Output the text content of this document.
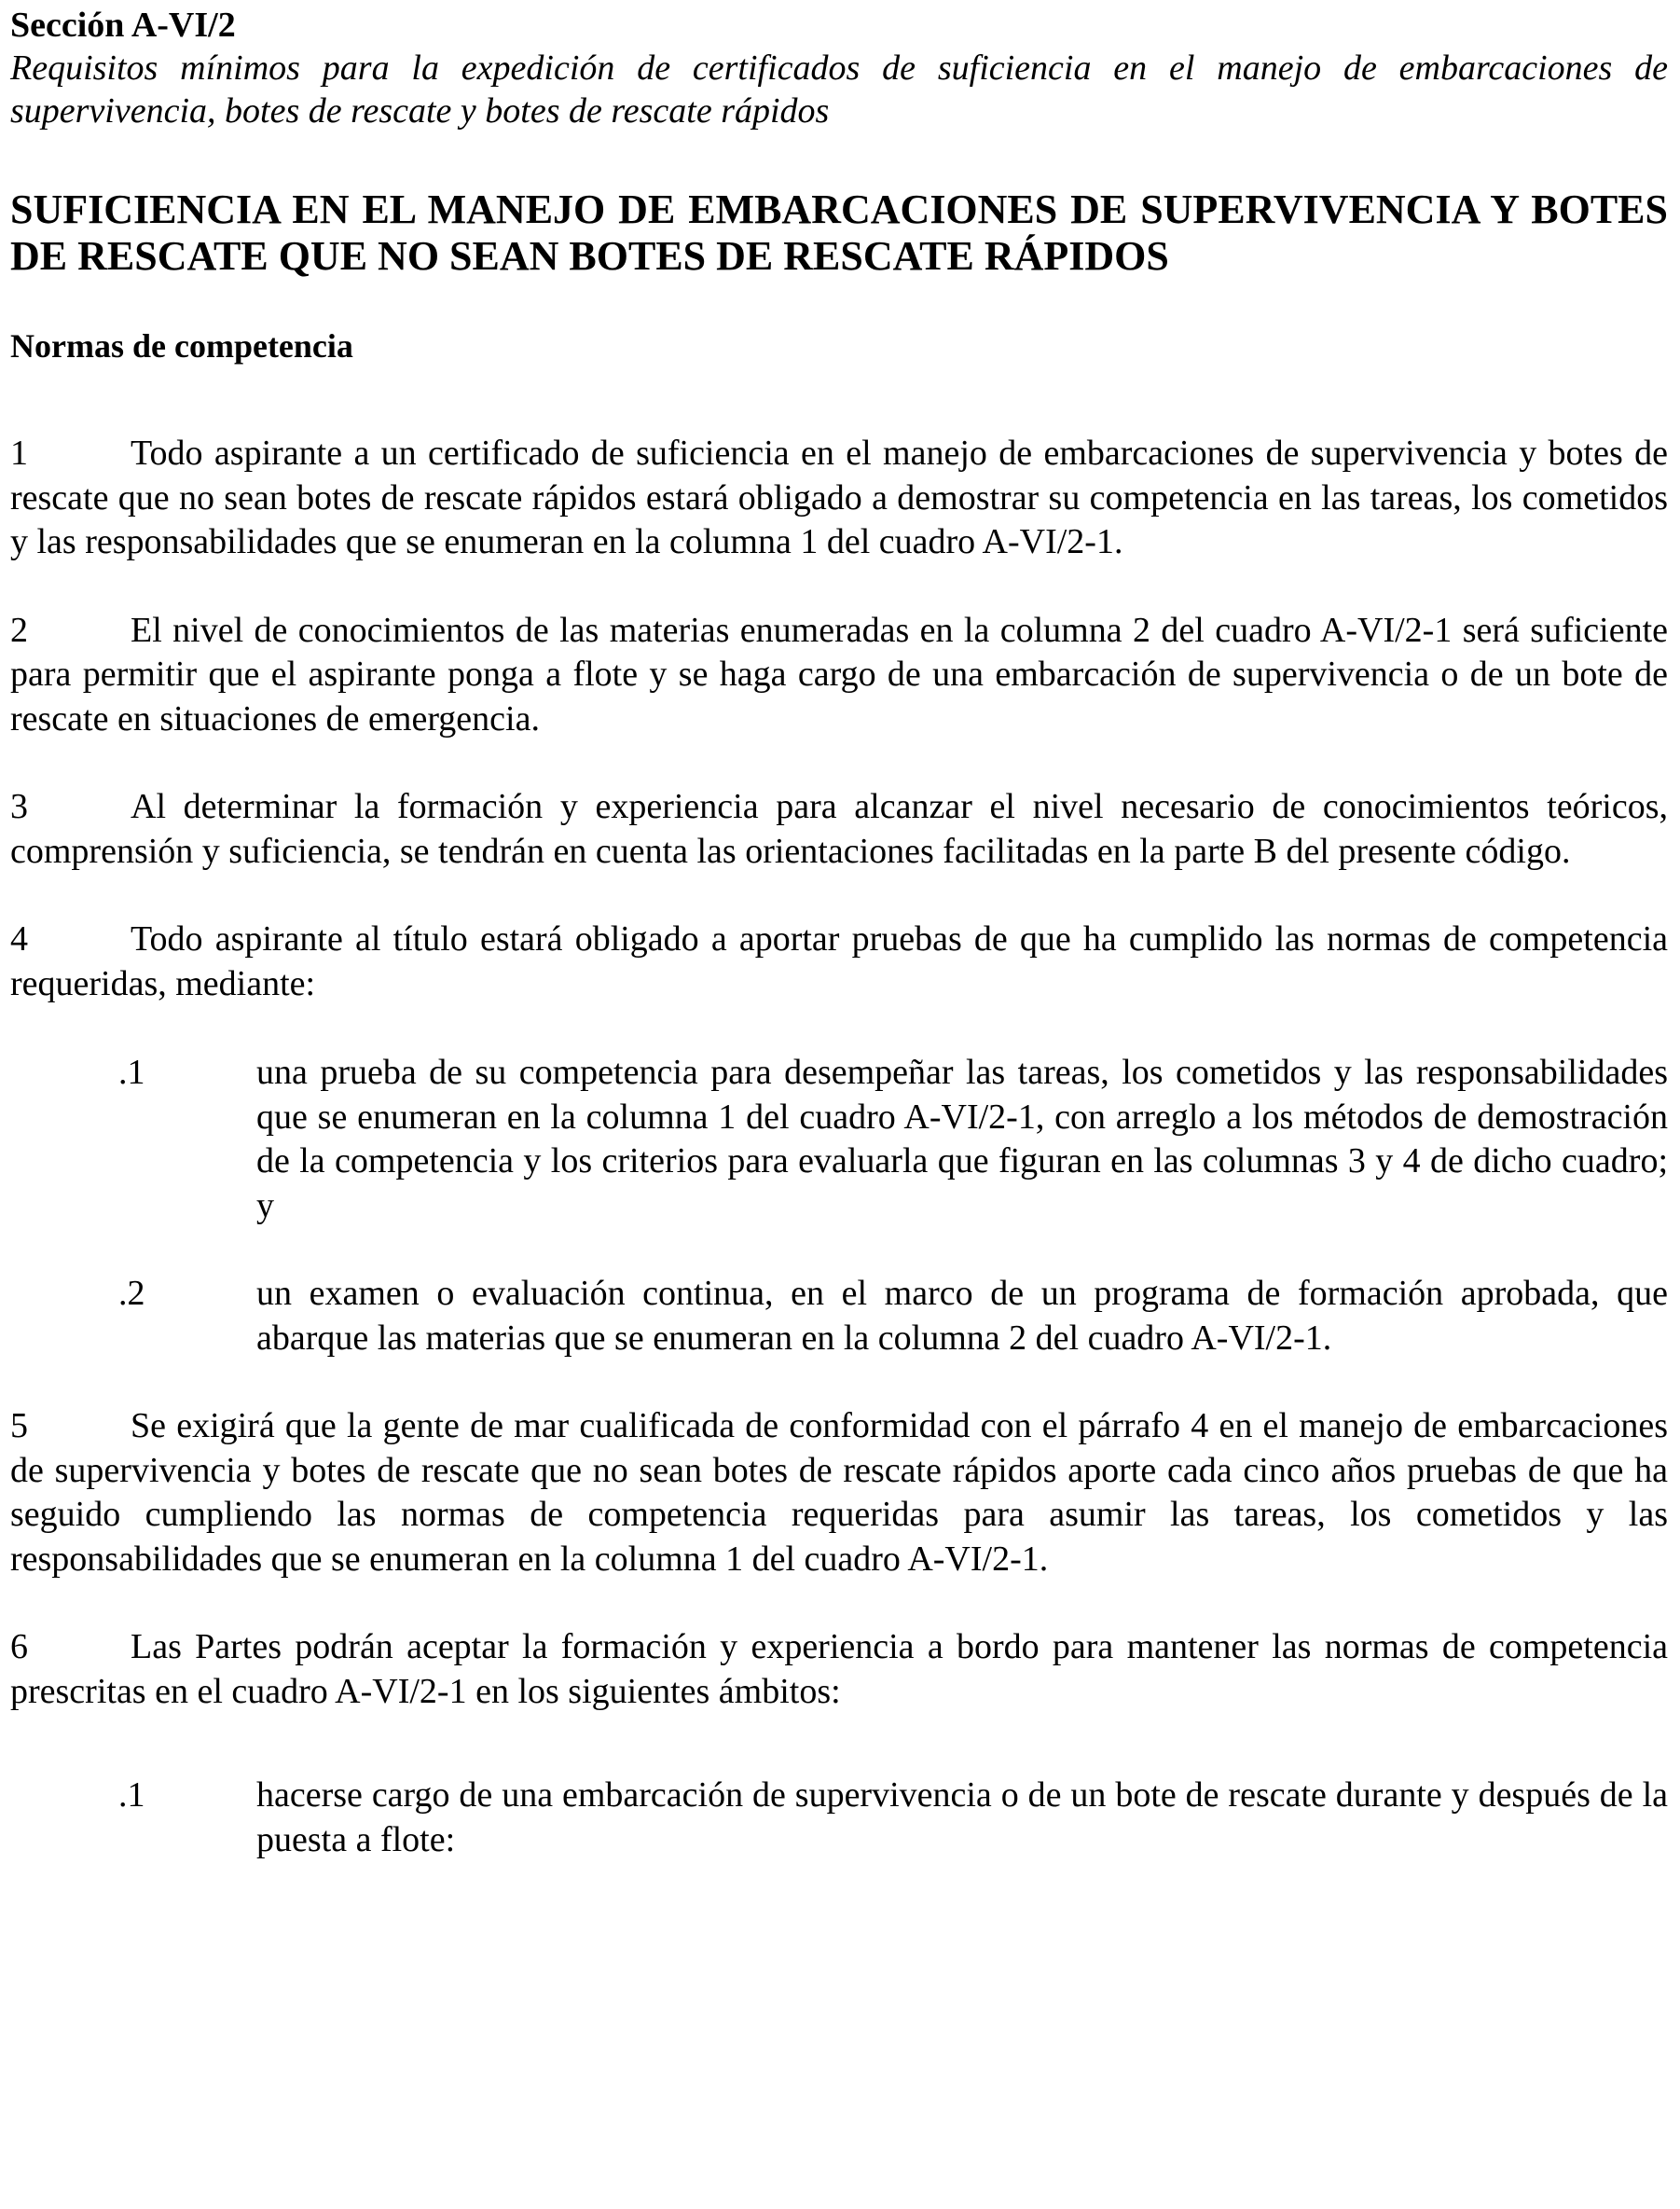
Sección A-VI/2

Requisitos mínimos para la expedición de certificados de suficiencia en el manejo de embarcaciones de supervivencia, botes de rescate y botes de rescate rápidos

SUFICIENCIA EN EL MANEJO DE EMBARCACIONES DE SUPERVIVENCIA Y BOTES DE RESCATE QUE NO SEAN BOTES DE RESCATE RÁPIDOS
Normas de competencia

1	Todo aspirante a un certificado de suficiencia en el manejo de embarcaciones de supervivencia y botes de rescate que no sean botes de rescate rápidos estará obligado a demostrar su competencia en las tareas, los cometidos y las responsabilidades que se enumeran en la columna 1 del cuadro A-VI/2-1.

2	El nivel de conocimientos de las materias enumeradas en la columna 2 del cuadro A-VI/2-1 será suficiente para permitir que el aspirante ponga a flote y se haga cargo de una embarcación de supervivencia o de un bote de rescate en situaciones de emergencia.

3	Al determinar la formación y experiencia para alcanzar el nivel necesario de conocimientos teóricos, comprensión y suficiencia, se tendrán en cuenta las orientaciones facilitadas en la parte B del presente código.

4	Todo aspirante al título estará obligado a aportar pruebas de que ha cumplido las normas de competencia requeridas, mediante:

.1	una prueba de su competencia para desempeñar las tareas, los cometidos y las responsabilidades que se enumeran en la columna 1 del cuadro A-VI/2-1, con arreglo a los métodos de demostración de la competencia y los criterios para evaluarla que figuran en las columnas 3 y 4 de dicho cuadro; y
.2	un examen o evaluación continua, en el marco de un programa de formación aprobada, que abarque las materias que se enumeran en la columna 2 del cuadro A-VI/2-1.

5	Se exigirá que la gente de mar cualificada de conformidad con el párrafo 4 en el manejo de embarcaciones de supervivencia y botes de rescate que no sean botes de rescate rápidos aporte cada cinco años pruebas de que ha seguido cumpliendo las normas de competencia requeridas para asumir las tareas, los cometidos y las responsabilidades que se enumeran en la columna 1 del cuadro A-VI/2-1.

6	Las Partes podrán aceptar la formación y experiencia a bordo para mantener las normas de competencia prescritas en el cuadro A-VI/2-1 en los siguientes ámbitos:

.1	hacerse cargo de una embarcación de supervivencia o de un bote de rescate durante y después de la puesta a flote:
